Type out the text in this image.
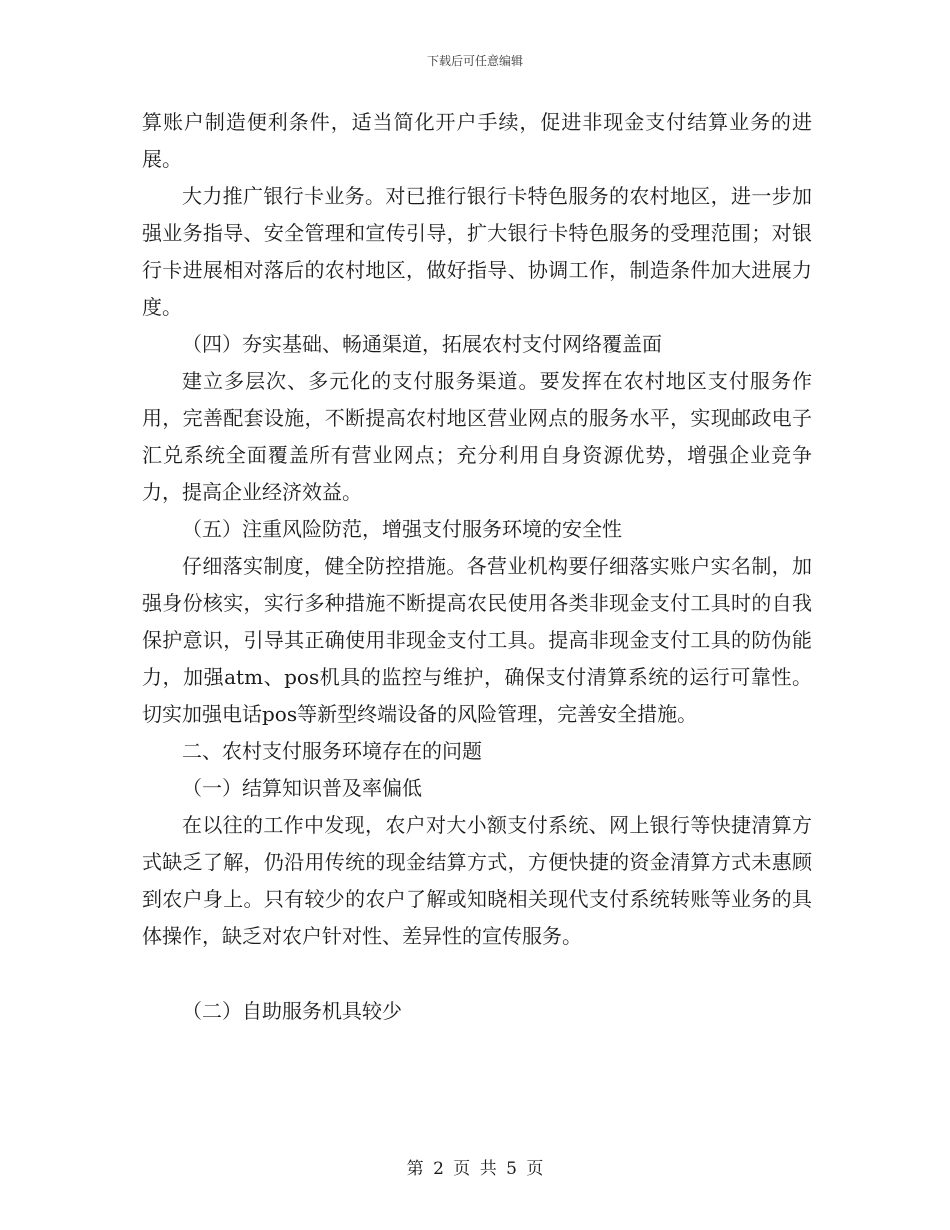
下载后可任意编辑

算账户制造便利条件，适当简化开户手续，促进非现金支付结算业务的进展。

大力推广银行卡业务。对已推行银行卡特色服务的农村地区，进一步加强业务指导、安全管理和宣传引导，扩大银行卡特色服务的受理范围；对银行卡进展相对落后的农村地区，做好指导、协调工作，制造条件加大进展力度。

（四）夯实基础、畅通渠道，拓展农村支付网络覆盖面

建立多层次、多元化的支付服务渠道。要发挥在农村地区支付服务作用，完善配套设施，不断提高农村地区营业网点的服务水平，实现邮政电子汇兑系统全面覆盖所有营业网点；充分利用自身资源优势，增强企业竞争力，提高企业经济效益。

（五）注重风险防范，增强支付服务环境的安全性

仔细落实制度，健全防控措施。各营业机构要仔细落实账户实名制，加强身份核实，实行多种措施不断提高农民使用各类非现金支付工具时的自我保护意识，引导其正确使用非现金支付工具。提高非现金支付工具的防伪能力，加强atm、pos机具的监控与维护，确保支付清算系统的运行可靠性。切实加强电话pos等新型终端设备的风险管理，完善安全措施。

二、农村支付服务环境存在的问题

（一）结算知识普及率偏低

在以往的工作中发现，农户对大小额支付系统、网上银行等快捷清算方式缺乏了解，仍沿用传统的现金结算方式，方便快捷的资金清算方式未惠顾到农户身上。只有较少的农户了解或知晓相关现代支付系统转账等业务的具体操作，缺乏对农户针对性、差异性的宣传服务。

（二）自助服务机具较少

第 2 页 共 5 页
